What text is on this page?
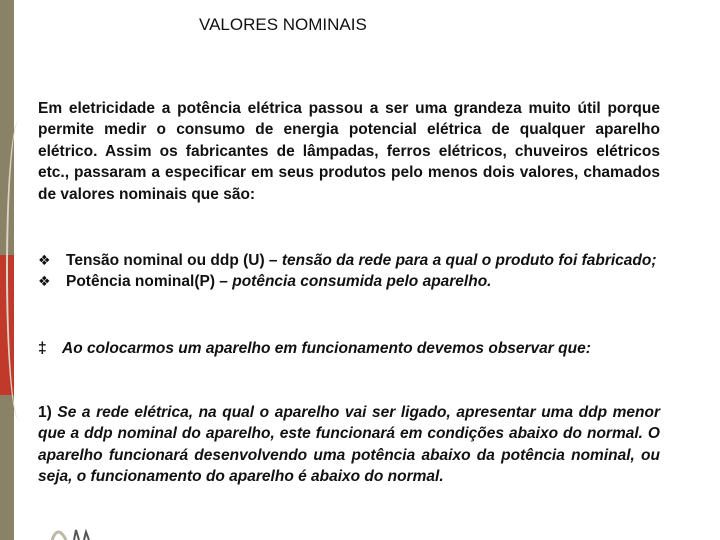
VALORES NOMINAIS

Em eletricidade a potência elétrica passou a ser uma grandeza muito útil porque permite medir o consumo de energia potencial elétrica de qualquer aparelho elétrico. Assim os fabricantes de lâmpadas, ferros elétricos, chuveiros elétricos etc., passaram a especificar em seus produtos pelo menos dois valores, chamados de valores nominais que são:

❖ Tensão nominal ou ddp (U) – tensão da rede para a qual o produto foi fabricado;
❖ Potência nominal(P) – potência consumida pelo aparelho.
‡ Ao colocarmos um aparelho em funcionamento devemos observar que:

1) Se a rede elétrica, na qual o aparelho vai ser ligado, apresentar uma ddp menor que a ddp nominal do aparelho, este funcionará em condições abaixo do normal. O aparelho funcionará desenvolvendo uma potência abaixo da potência nominal, ou seja, o funcionamento do aparelho é abaixo do normal.
